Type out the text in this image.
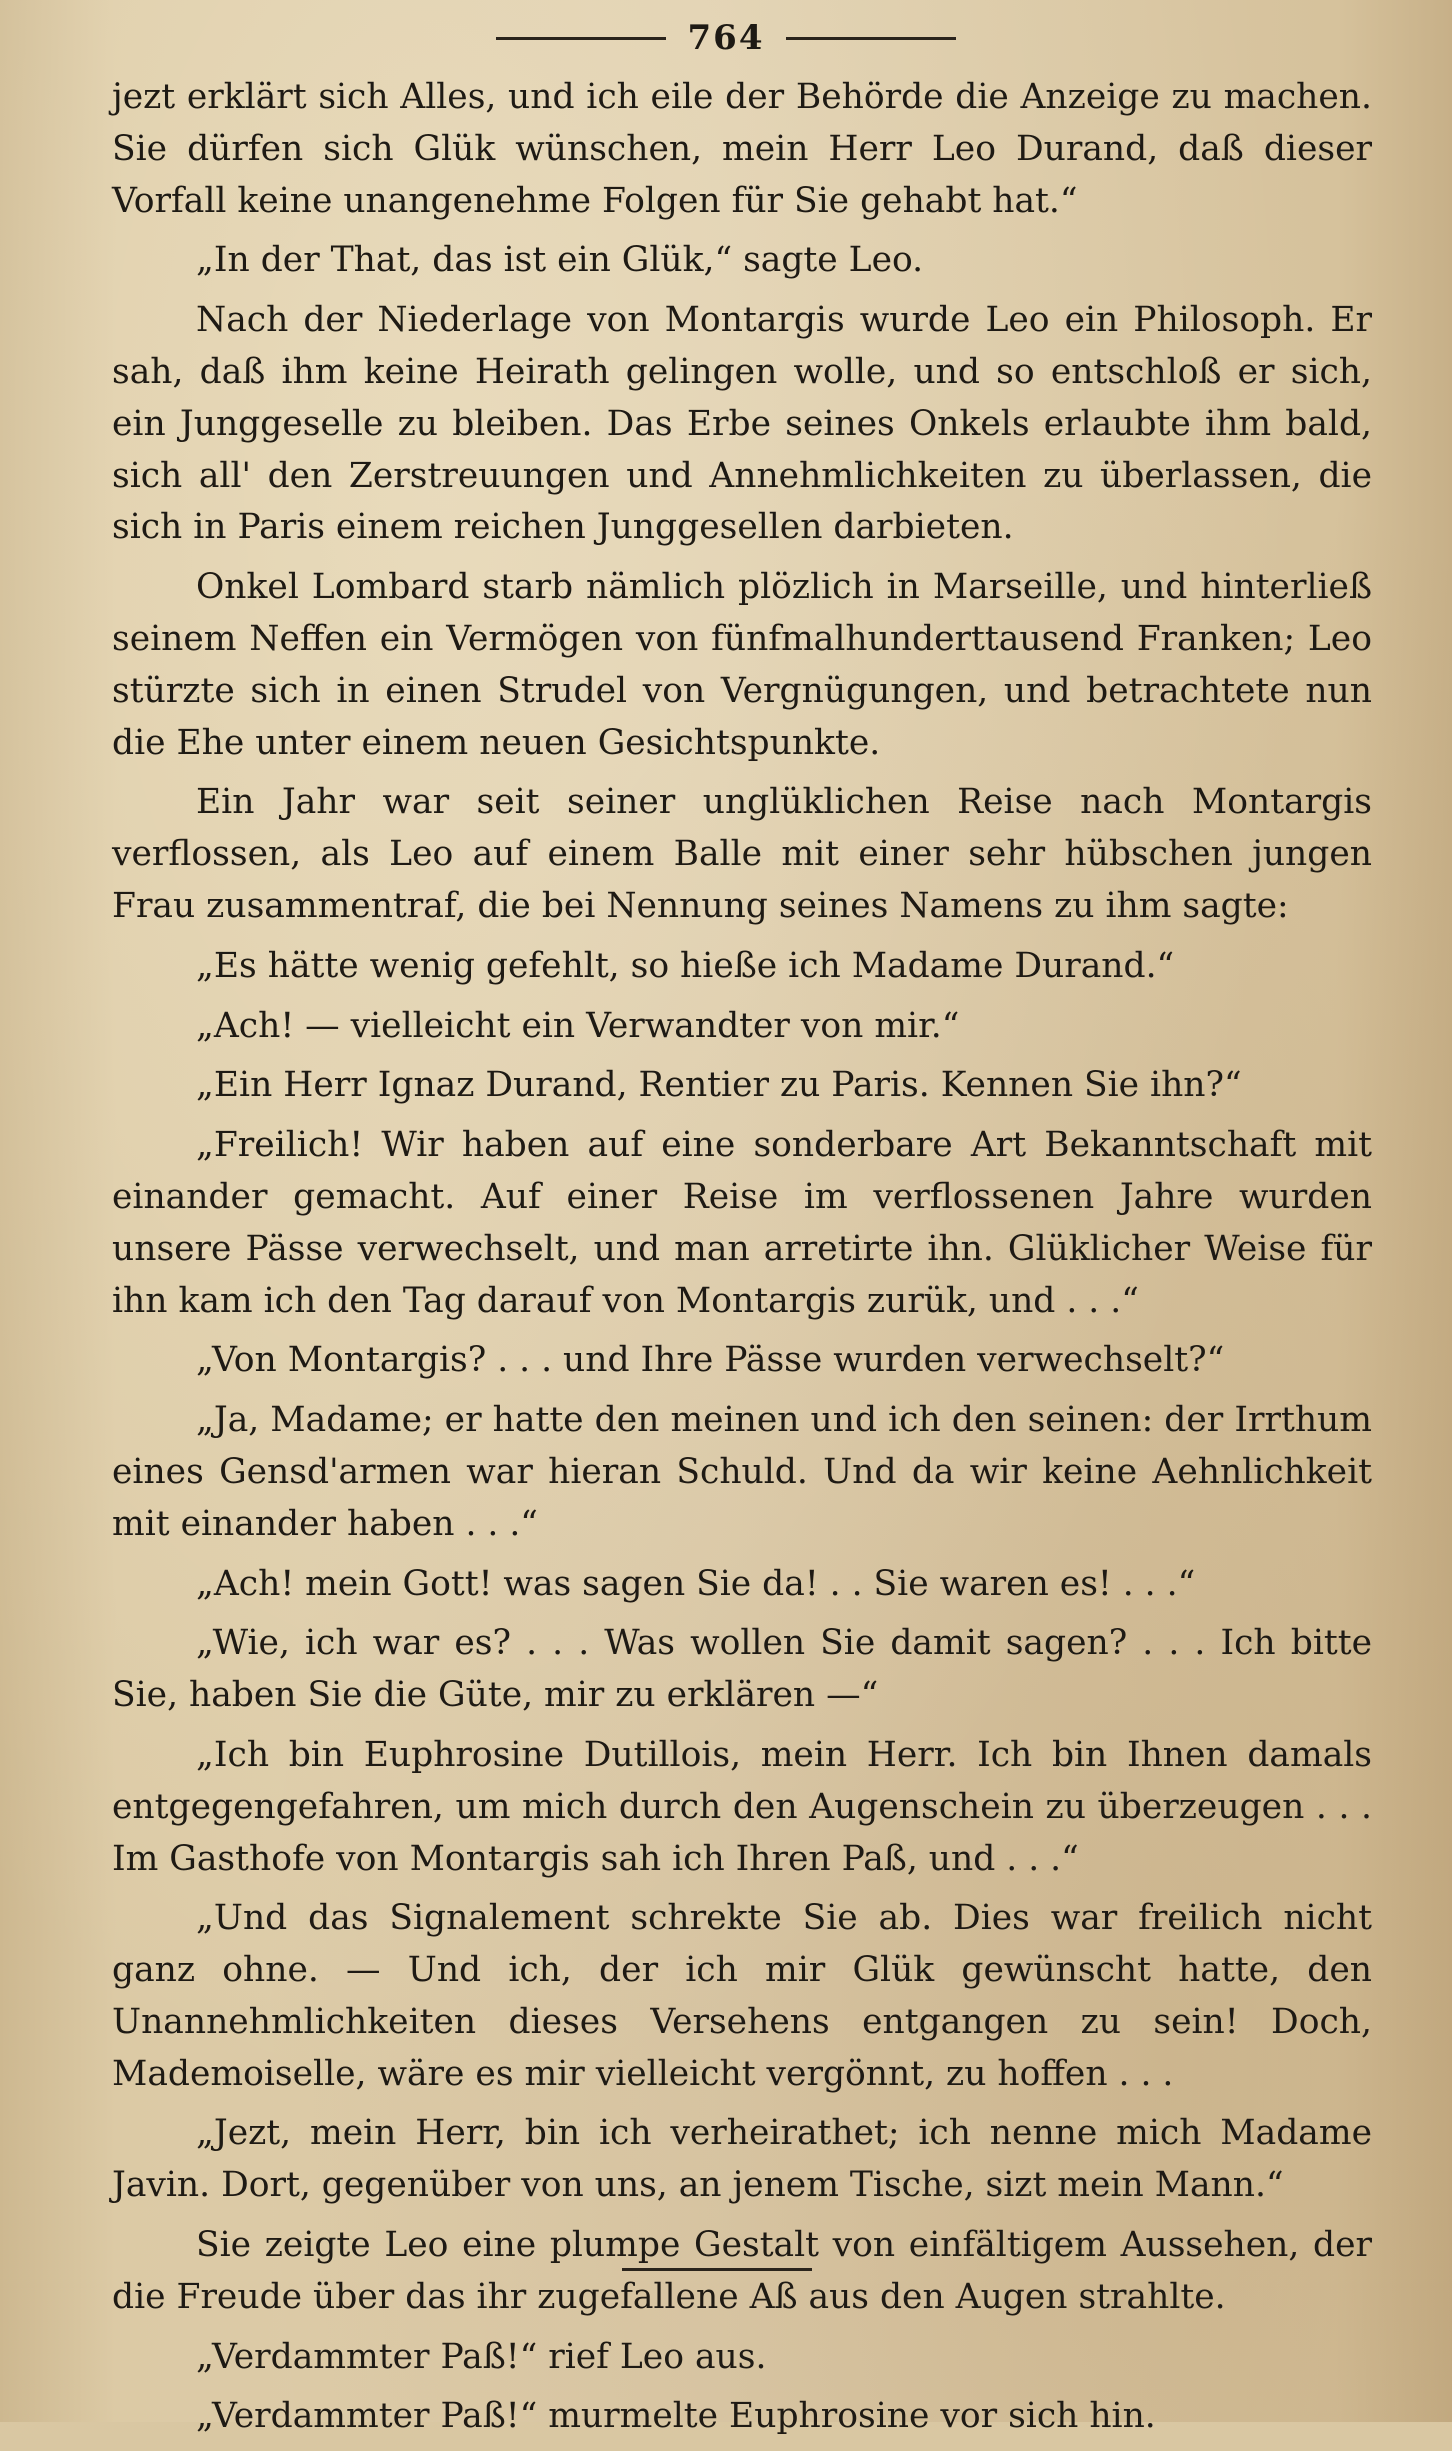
764

jezt erklärt sich Alles, und ich eile der Behörde die Anzeige zu machen. Sie dürfen sich Glük wünschen, mein Herr Leo Durand, daß dieser Vorfall keine unangenehme Folgen für Sie gehabt hat.“

„In der That, das ist ein Glük,“ sagte Leo.

Nach der Niederlage von Montargis wurde Leo ein Philosoph. Er sah, daß ihm keine Heirath gelingen wolle, und so entschloß er sich, ein Junggeselle zu bleiben. Das Erbe seines Onkels erlaubte ihm bald, sich all' den Zerstreuungen und Annehmlichkeiten zu überlassen, die sich in Paris einem reichen Junggesellen darbieten.

Onkel Lombard starb nämlich plözlich in Marseille, und hinterließ seinem Neffen ein Vermögen von fünfmalhunderttausend Franken; Leo stürzte sich in einen Strudel von Vergnügungen, und betrachtete nun die Ehe unter einem neuen Gesichtspunkte.

Ein Jahr war seit seiner unglüklichen Reise nach Montargis verflossen, als Leo auf einem Balle mit einer sehr hübschen jungen Frau zusammentraf, die bei Nennung seines Namens zu ihm sagte:

„Es hätte wenig gefehlt, so hieße ich Madame Durand.“

„Ach! — vielleicht ein Verwandter von mir.“

„Ein Herr Ignaz Durand, Rentier zu Paris. Kennen Sie ihn?“

„Freilich! Wir haben auf eine sonderbare Art Bekanntschaft mit einander gemacht. Auf einer Reise im verflossenen Jahre wurden unsere Pässe verwechselt, und man arretirte ihn. Glüklicher Weise für ihn kam ich den Tag darauf von Montargis zurük, und . . .“

„Von Montargis? . . . und Ihre Pässe wurden verwechselt?“

„Ja, Madame; er hatte den meinen und ich den seinen: der Irrthum eines Gensd'armen war hieran Schuld. Und da wir keine Aehnlichkeit mit einander haben . . .“

„Ach! mein Gott! was sagen Sie da! . . Sie waren es! . . .“

„Wie, ich war es? . . . Was wollen Sie damit sagen? . . . Ich bitte Sie, haben Sie die Güte, mir zu erklären —“

„Ich bin Euphrosine Dutillois, mein Herr. Ich bin Ihnen damals entgegengefahren, um mich durch den Augenschein zu überzeugen . . . Im Gasthofe von Montargis sah ich Ihren Paß, und . . .“

„Und das Signalement schrekte Sie ab. Dies war freilich nicht ganz ohne. — Und ich, der ich mir Glük gewünscht hatte, den Unannehmlichkeiten dieses Versehens entgangen zu sein! Doch, Mademoiselle, wäre es mir vielleicht vergönnt, zu hoffen . . .

„Jezt, mein Herr, bin ich verheirathet; ich nenne mich Madame Javin. Dort, gegenüber von uns, an jenem Tische, sizt mein Mann.“

Sie zeigte Leo eine plumpe Gestalt von einfältigem Aussehen, der die Freude über das ihr zugefallene Aß aus den Augen strahlte.

„Verdammter Paß!“ rief Leo aus.

„Verdammter Paß!“ murmelte Euphrosine vor sich hin.
